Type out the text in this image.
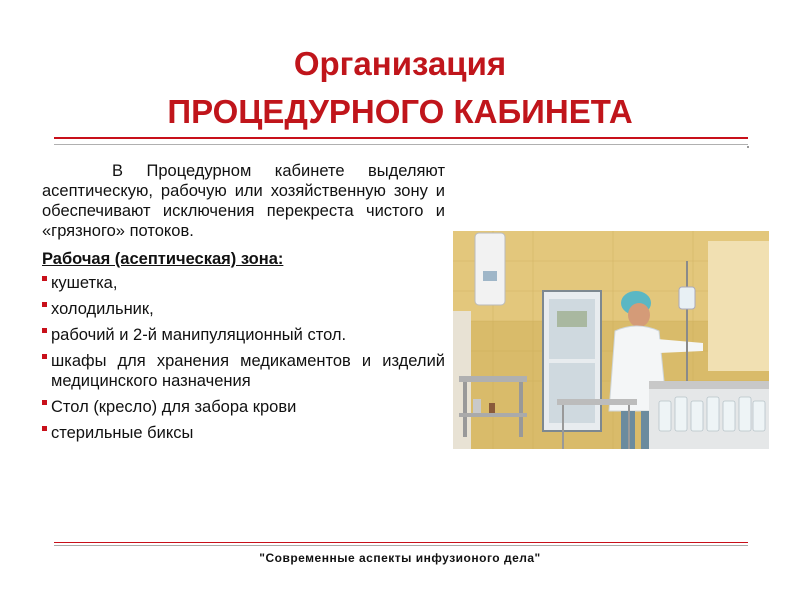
Организация
ПРОЦЕДУРНОГО КАБИНЕТА

В Процедурном кабинете выделяют асептическую, рабочую или хозяйственную зону и обеспечивают исключения перекреста чистого и «грязного» потоков.

Рабочая (асептическая) зона:
кушетка,
холодильник,
рабочий и 2-й манипуляционный стол.
шкафы для хранения медикаментов и изделий медицинского назначения
Стол (кресло) для забора крови
стерильные биксы
"Современные аспекты инфузионого дела"
